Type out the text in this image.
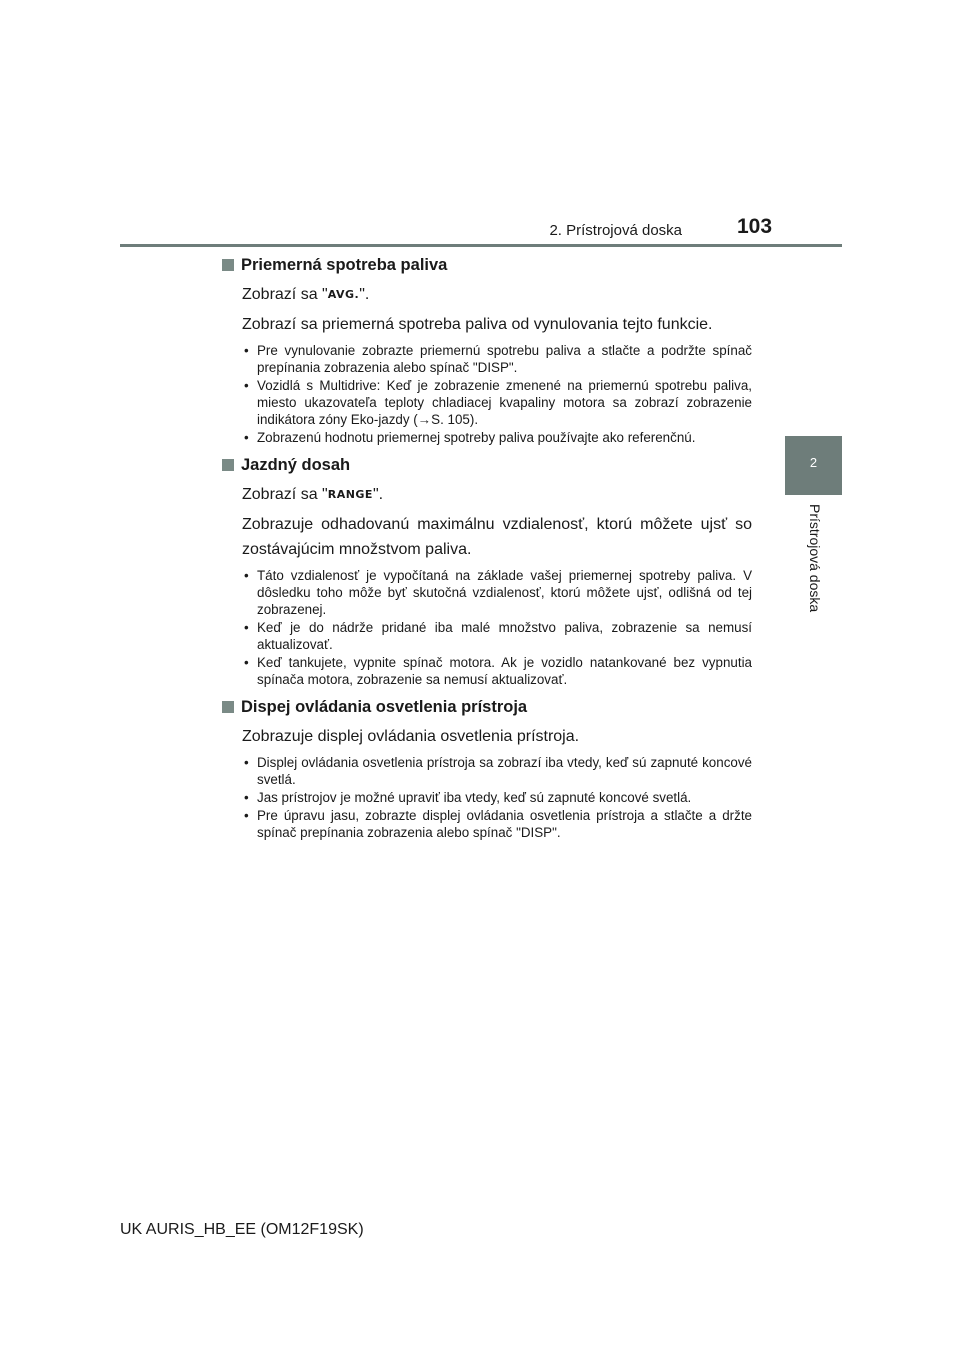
2. Prístrojová doska	103
2
Prístrojová doska
Priemerná spotreba paliva

Zobrazí sa "AVG.".

Zobrazí sa priemerná spotreba paliva od vynulovania tejto funkcie.

• Pre vynulovanie zobrazte priemernú spotrebu paliva a stlačte a podržte spínač prepínania zobrazenia alebo spínač "DISP".
• Vozidlá s Multidrive: Keď je zobrazenie zmenené na priemernú spotrebu paliva, miesto ukazovateľa teploty chladiacej kvapaliny motora sa zobrazí zobrazenie indikátora zóny Eko-jazdy (→S. 105).
• Zobrazenú hodnotu priemernej spotreby paliva používajte ako referenčnú.
Jazdný dosah

Zobrazí sa "RANGE".

Zobrazuje odhadovanú maximálnu vzdialenosť, ktorú môžete ujsť so zostávajúcim množstvom paliva.

• Táto vzdialenosť je vypočítaná na základe vašej priemernej spotreby paliva. V dôsledku toho môže byť skutočná vzdialenosť, ktorú môžete ujsť, odlišná od tej zobrazenej.
• Keď je do nádrže pridané iba malé množstvo paliva, zobrazenie sa nemusí aktualizovať.
• Keď tankujete, vypnite spínač motora. Ak je vozidlo natankované bez vypnutia spínača motora, zobrazenie sa nemusí aktualizovať.
Dispej ovládania osvetlenia prístroja

Zobrazuje displej ovládania osvetlenia prístroja.

• Displej ovládania osvetlenia prístroja sa zobrazí iba vtedy, keď sú zapnuté koncové svetlá.
• Jas prístrojov je možné upraviť iba vtedy, keď sú zapnuté koncové svetlá.
• Pre úpravu jasu, zobrazte displej ovládania osvetlenia prístroja a stlačte a držte spínač prepínania zobrazenia alebo spínač "DISP".
UK AURIS_HB_EE (OM12F19SK)
